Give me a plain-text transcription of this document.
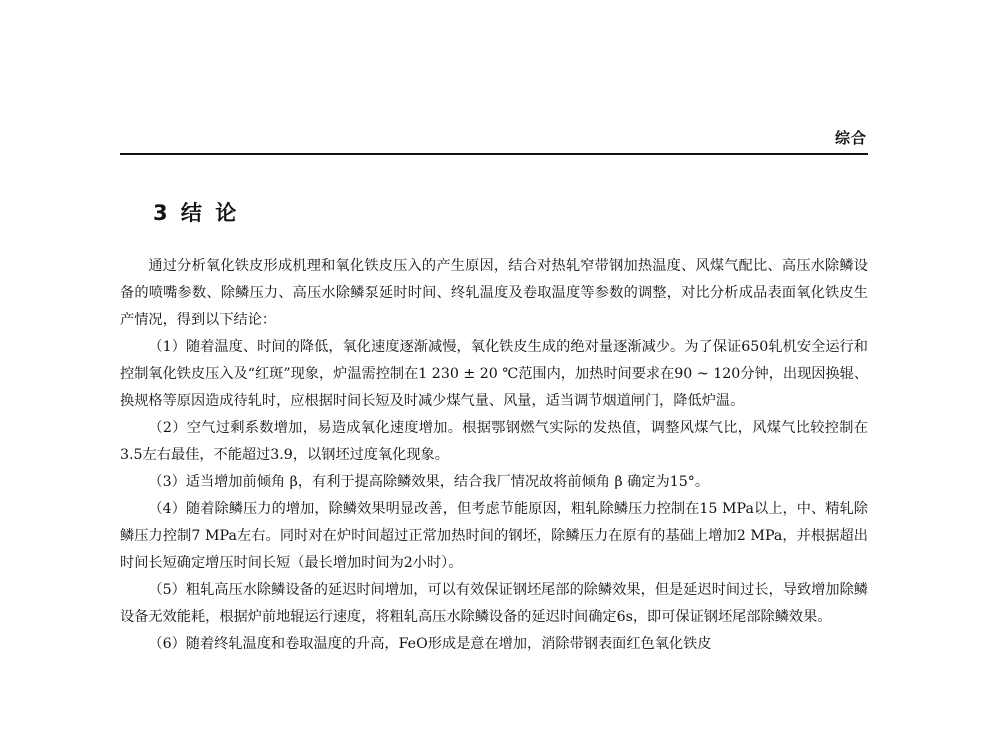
综合
3 结 论

通过分析氧化铁皮形成机理和氧化铁皮压入的产生原因，结合对热轧窄带钢加热温度、风煤气配比、高压水除鳞设备的喷嘴参数、除鳞压力、高压水除鳞泵延时时间、终轧温度及卷取温度等参数的调整，对比分析成品表面氧化铁皮生产情况，得到以下结论：

（1）随着温度、时间的降低，氧化速度逐渐减慢，氧化铁皮生成的绝对量逐渐减少。为了保证650轧机安全运行和控制氧化铁皮压入及“红斑”现象，炉温需控制在1 230 ± 20 ℃范围内，加热时间要求在90 ~ 120分钟，出现因换辊、换规格等原因造成待轧时，应根据时间长短及时减少煤气量、风量，适当调节烟道闸门，降低炉温。

（2）空气过剩系数增加，易造成氧化速度增加。根据鄂钢燃气实际的发热值，调整风煤气比，风煤气比较控制在3.5左右最佳，不能超过3.9，以钢坯过度氧化现象。

（3）适当增加前倾角 β，有利于提高除鳞效果，结合我厂情况故将前倾角 β 确定为15°。

（4）随着除鳞压力的增加，除鳞效果明显改善，但考虑节能原因，粗轧除鳞压力控制在15 MPa以上，中、精轧除鳞压力控制7 MPa左右。同时对在炉时间超过正常加热时间的钢坯，除鳞压力在原有的基础上增加2 MPa，并根据超出时间长短确定增压时间长短（最长增加时间为2小时）。

（5）粗轧高压水除鳞设备的延迟时间增加，可以有效保证钢坯尾部的除鳞效果，但是延迟时间过长，导致增加除鳞设备无效能耗，根据炉前地辊运行速度，将粗轧高压水除鳞设备的延迟时间确定6s，即可保证钢坯尾部除鳞效果。

（6）随着终轧温度和卷取温度的升高，FeO形成是意在增加，消除带钢表面红色氧化铁皮
